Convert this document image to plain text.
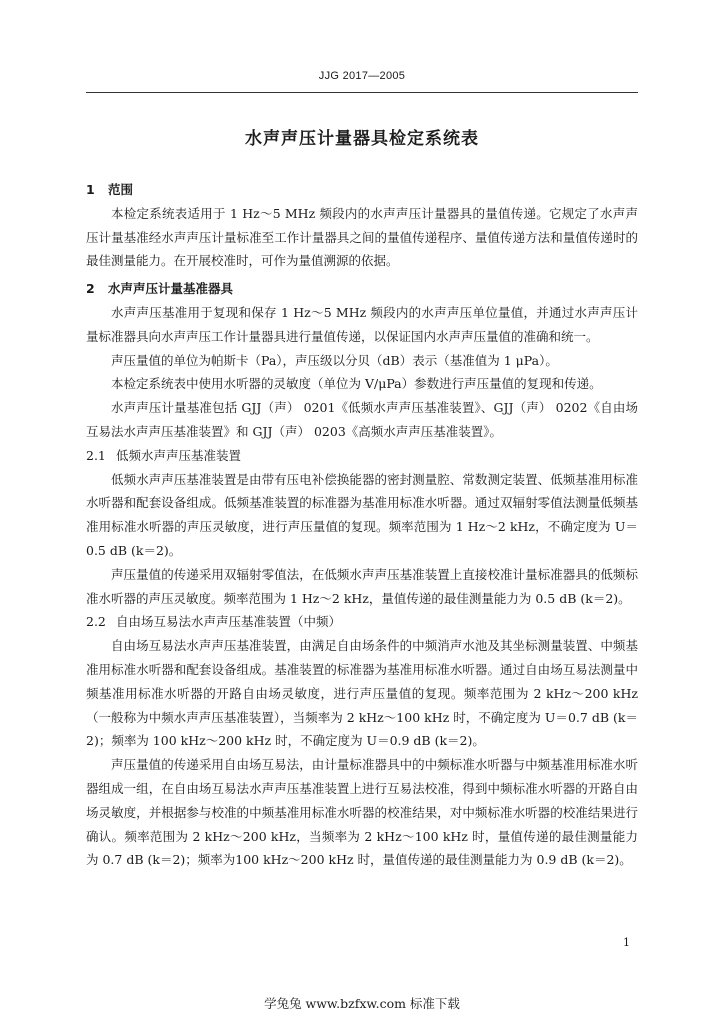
JJG 2017—2005
水声声压计量器具检定系统表
1 范围

本检定系统表适用于 1 Hz～5 MHz 频段内的水声声压计量器具的量值传递。它规定了水声声压计量基准经水声声压计量标准至工作计量器具之间的量值传递程序、量值传递方法和量值传递时的最佳测量能力。在开展校准时，可作为量值溯源的依据。

2 水声声压计量基准器具

水声声压基准用于复现和保存 1 Hz～5 MHz 频段内的水声声压单位量值，并通过水声声压计量标准器具向水声声压工作计量器具进行量值传递，以保证国内水声声压量值的准确和统一。

声压量值的单位为帕斯卡（Pa），声压级以分贝（dB）表示（基准值为 1 μPa）。

本检定系统表中使用水听器的灵敏度（单位为 V/μPa）参数进行声压量值的复现和传递。

水声声压计量基准包括 GJJ（声） 0201《低频水声声压基准装置》、GJJ（声） 0202《自由场互易法水声声压基准装置》和 GJJ（声） 0203《高频水声声压基准装置》。

2.1 低频水声声压基准装置

低频水声声压基准装置是由带有压电补偿换能器的密封测量腔、常数测定装置、低频基准用标准水听器和配套设备组成。低频基准装置的标准器为基准用标准水听器。通过双辐射零值法测量低频基准用标准水听器的声压灵敏度，进行声压量值的复现。频率范围为 1 Hz～2 kHz，不确定度为 U＝0.5 dB (k＝2)。

声压量值的传递采用双辐射零值法，在低频水声声压基准装置上直接校准计量标准器具的低频标准水听器的声压灵敏度。频率范围为 1 Hz～2 kHz，量值传递的最佳测量能力为 0.5 dB (k＝2)。

2.2 自由场互易法水声声压基准装置（中频）

自由场互易法水声声压基准装置，由满足自由场条件的中频消声水池及其坐标测量装置、中频基准用标准水听器和配套设备组成。基准装置的标准器为基准用标准水听器。通过自由场互易法测量中频基准用标准水听器的开路自由场灵敏度，进行声压量值的复现。频率范围为 2 kHz～200 kHz（一般称为中频水声声压基准装置），当频率为 2 kHz～100 kHz 时，不确定度为 U＝0.7 dB (k＝2)；频率为 100 kHz～200 kHz 时，不确定度为 U＝0.9 dB (k＝2)。

声压量值的传递采用自由场互易法，由计量标准器具中的中频标准水听器与中频基准用标准水听器组成一组，在自由场互易法水声声压基准装置上进行互易法校准，得到中频标准水听器的开路自由场灵敏度，并根据参与校准的中频基准用标准水听器的校准结果，对中频标准水听器的校准结果进行确认。频率范围为 2 kHz～200 kHz，当频率为 2 kHz～100 kHz 时，量值传递的最佳测量能力为 0.7 dB (k＝2)；频率为100 kHz～200 kHz 时，量值传递的最佳测量能力为 0.9 dB (k＝2)。

1
学兔兔 www.bzfxw.com 标准下载
